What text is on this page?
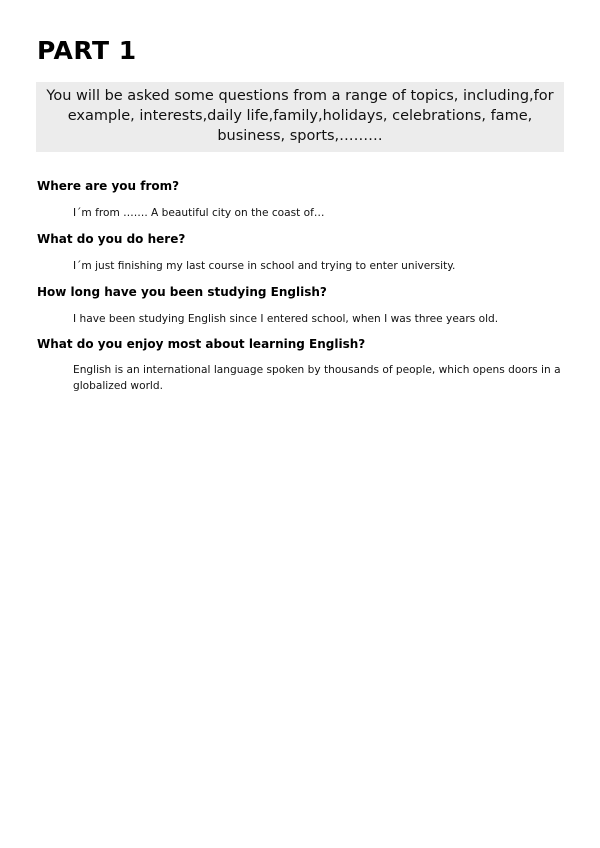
PART 1
You will be asked some questions from a range of topics, including,for example, interests,daily life,family,holidays, celebrations, fame, business, sports,………

Where are you from?

I´m from ……. A beautiful city on the coast of…

What do you do here?

I´m just finishing my last course in school and trying to enter university.

How long have you been studying English?

I have been studying English since I entered school, when I was three years old.

What do you enjoy most about learning English?

English is an international language spoken by thousands of people, which opens doors in a globalized world.
